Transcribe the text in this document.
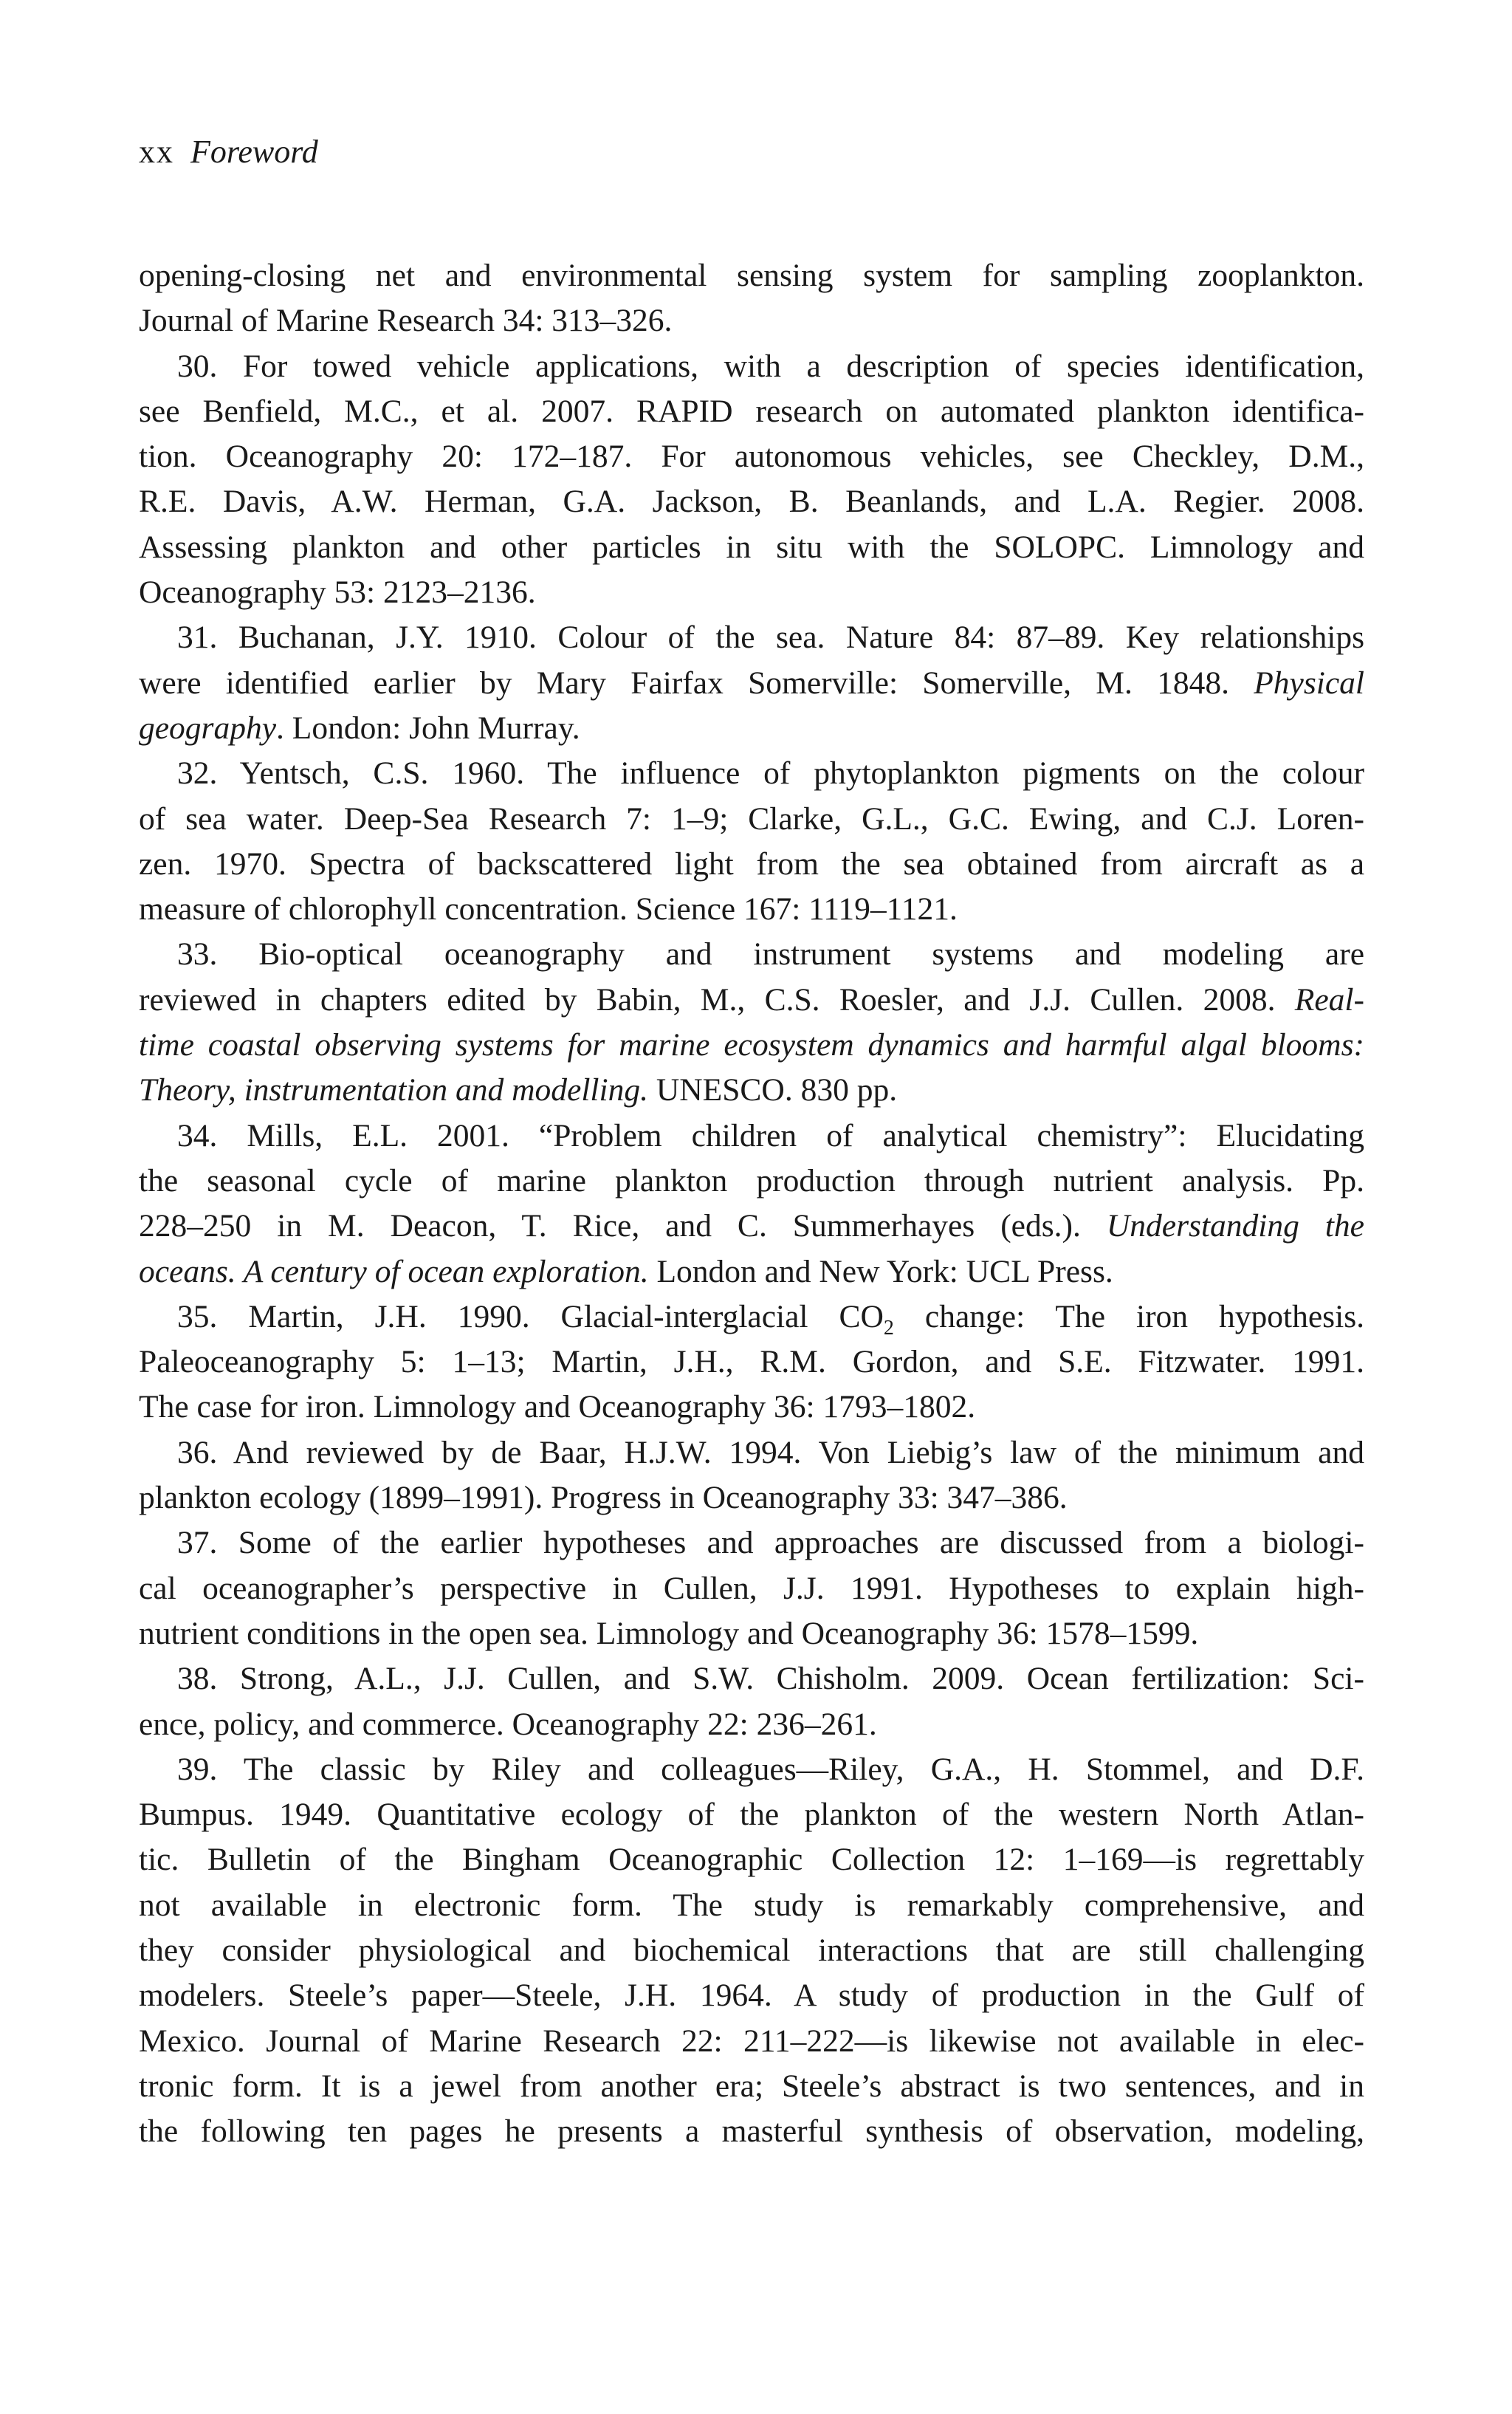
xx Foreword
opening-closing net and environmental sensing system for sampling zooplankton.
Journal of Marine Research 34: 313–326.
30. For towed vehicle applications, with a description of species identification,
see Benfield, M.C., et al. 2007. RAPID research on automated plankton identifica-
tion. Oceanography 20: 172–187. For autonomous vehicles, see Checkley, D.M.,
R.E. Davis, A.W. Herman, G.A. Jackson, B. Beanlands, and L.A. Regier. 2008.
Assessing plankton and other particles in situ with the SOLOPC. Limnology and
Oceanography 53: 2123–2136.
31. Buchanan, J.Y. 1910. Colour of the sea. Nature 84: 87–89. Key relationships
were identified earlier by Mary Fairfax Somerville: Somerville, M. 1848. Physical
geography. London: John Murray.
32. Yentsch, C.S. 1960. The influence of phytoplankton pigments on the colour
of sea water. Deep-Sea Research 7: 1–9; Clarke, G.L., G.C. Ewing, and C.J. Loren-
zen. 1970. Spectra of backscattered light from the sea obtained from aircraft as a
measure of chlorophyll concentration. Science 167: 1119–1121.
33. Bio-optical oceanography and instrument systems and modeling are
reviewed in chapters edited by Babin, M., C.S. Roesler, and J.J. Cullen. 2008. Real-
time coastal observing systems for marine ecosystem dynamics and harmful algal blooms:
Theory, instrumentation and modelling. UNESCO. 830 pp.
34. Mills, E.L. 2001. “Problem children of analytical chemistry”: Elucidating
the seasonal cycle of marine plankton production through nutrient analysis. Pp.
228–250 in M. Deacon, T. Rice, and C. Summerhayes (eds.). Understanding the
oceans. A century of ocean exploration. London and New York: UCL Press.
35. Martin, J.H. 1990. Glacial-interglacial $CO_2$ change: The iron hypothesis.
Paleoceanography 5: 1–13; Martin, J.H., R.M. Gordon, and S.E. Fitzwater. 1991.
The case for iron. Limnology and Oceanography 36: 1793–1802.
36. And reviewed by de Baar, H.J.W. 1994. Von Liebig’s law of the minimum and
plankton ecology (1899–1991). Progress in Oceanography 33: 347–386.
37. Some of the earlier hypotheses and approaches are discussed from a biologi-
cal oceanographer’s perspective in Cullen, J.J. 1991. Hypotheses to explain high-
nutrient conditions in the open sea. Limnology and Oceanography 36: 1578–1599.
38. Strong, A.L., J.J. Cullen, and S.W. Chisholm. 2009. Ocean fertilization: Sci-
ence, policy, and commerce. Oceanography 22: 236–261.
39. The classic by Riley and colleagues—Riley, G.A., H. Stommel, and D.F.
Bumpus. 1949. Quantitative ecology of the plankton of the western North Atlan-
tic. Bulletin of the Bingham Oceanographic Collection 12: 1–169—is regrettably
not available in electronic form. The study is remarkably comprehensive, and
they consider physiological and biochemical interactions that are still challenging
modelers. Steele’s paper—Steele, J.H. 1964. A study of production in the Gulf of
Mexico. Journal of Marine Research 22: 211–222—is likewise not available in elec-
tronic form. It is a jewel from another era; Steele’s abstract is two sentences, and in
the following ten pages he presents a masterful synthesis of observation, modeling,
